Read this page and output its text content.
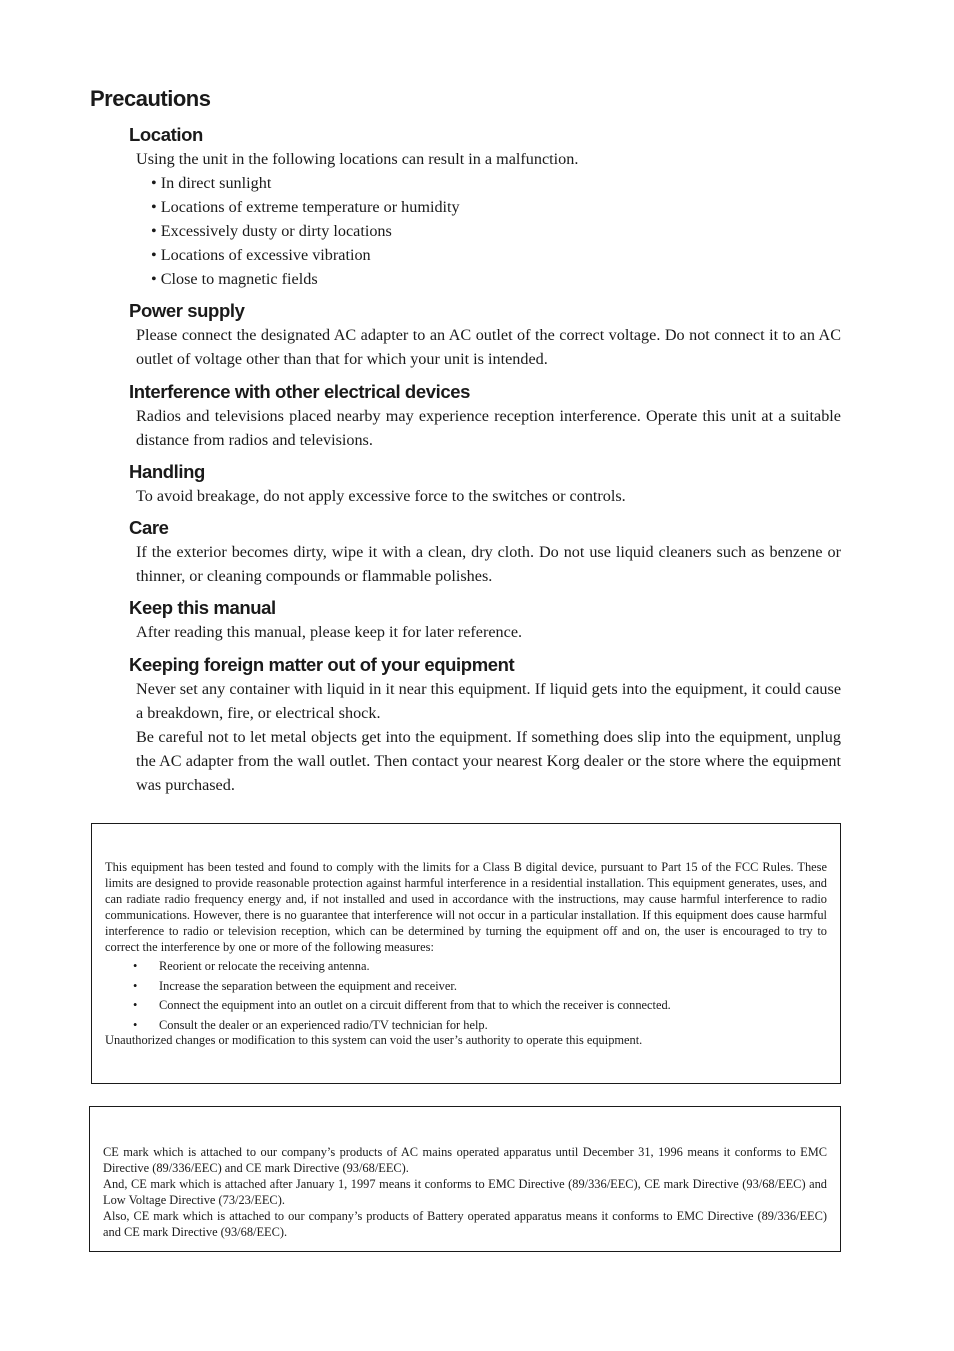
Precautions
Location

Using the unit in the following locations can result in a malfunction.

• In direct sunlight
• Locations of extreme temperature or humidity
• Excessively dusty or dirty locations
• Locations of excessive vibration
• Close to magnetic fields
Power supply

Please connect the designated AC adapter to an AC outlet of the correct voltage. Do not connect it to an AC outlet of voltage other than that for which your unit is intended.

Interference with other electrical devices

Radios and televisions placed nearby may experience reception interference. Operate this unit at a suitable distance from radios and televisions.

Handling

To avoid breakage, do not apply excessive force to the switches or controls.

Care

If the exterior becomes dirty, wipe it with a clean, dry cloth. Do not use liquid cleaners such as benzene or thinner, or cleaning compounds or flammable polishes.

Keep this manual

After reading this manual, please keep it for later reference.

Keeping foreign matter out of your equipment

Never set any container with liquid in it near this equipment. If liquid gets into the equipment, it could cause a breakdown, fire, or electrical shock.

Be careful not to let metal objects get into the equipment. If something does slip into the equipment, unplug the AC adapter from the wall outlet. Then contact your nearest Korg dealer or the store where the equipment was purchased.

This equipment has been tested and found to comply with the limits for a Class B digital device, pursuant to Part 15 of the FCC Rules. These limits are designed to provide reasonable protection against harmful interference in a residential installation. This equipment generates, uses, and can radiate radio frequency energy and, if not installed and used in accordance with the instructions, may cause harmful interference to radio communications. However, there is no guarantee that interference will not occur in a particular installation. If this equipment does cause harmful interference to radio or television reception, which can be determined by turning the equipment off and on, the user is encouraged to try to correct the interference by one or more of the following measures:

• Reorient or relocate the receiving antenna.
• Increase the separation between the equipment and receiver.
• Connect the equipment into an outlet on a circuit different from that to which the receiver is connected.
• Consult the dealer or an experienced radio/TV technician for help.

Unauthorized changes or modification to this system can void the user’s authority to operate this equipment.

CE mark which is attached to our company’s products of AC mains operated apparatus until December 31, 1996 means it conforms to EMC Directive (89/336/EEC) and CE mark Directive (93/68/EEC).

And, CE mark which is attached after January 1, 1997 means it conforms to EMC Directive (89/336/EEC), CE mark Directive (93/68/EEC) and Low Voltage Directive (73/23/EEC).

Also, CE mark which is attached to our company’s products of Battery operated apparatus means it conforms to EMC Directive (89/336/EEC) and CE mark Directive (93/68/EEC).
